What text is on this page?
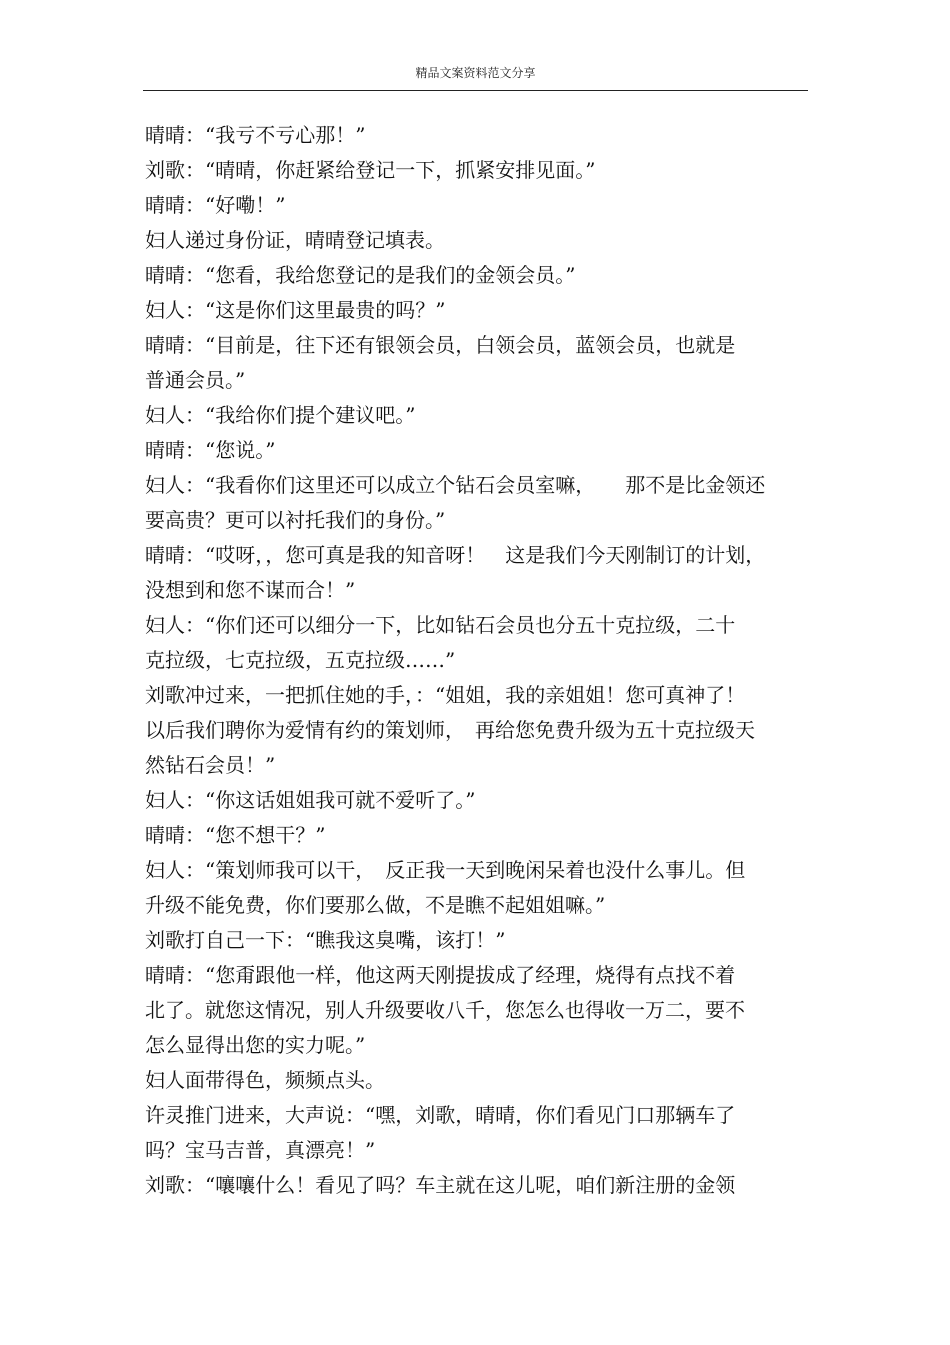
精品文案资料范文分享

晴晴：“我亏不亏心那！”

刘歌：“晴晴，你赶紧给登记一下，抓紧安排见面。”

晴晴：“好嘞！”

妇人递过身份证，晴晴登记填表。

晴晴：“您看，我给您登记的是我们的金领会员。”

妇人：“这是你们这里最贵的吗？”

晴晴：“目前是，往下还有银领会员，白领会员，蓝领会员，也就是

普通会员。”

妇人：“我给你们提个建议吧。”

晴晴：“您说。”

妇人：“我看你们这里还可以成立个钻石会员室嘛，　　那不是比金领还

要高贵？更可以衬托我们的身份。”

晴晴：“哎呀，，您可真是我的知音呀！　这是我们今天刚制订的计划，

没想到和您不谋而合！”

妇人：“你们还可以细分一下，比如钻石会员也分五十克拉级，二十

克拉级，七克拉级，五克拉级……”

刘歌冲过来，一把抓住她的手，：“姐姐，我的亲姐姐！您可真神了！

以后我们聘你为爱情有约的策划师，　再给您免费升级为五十克拉级天

然钻石会员！”

妇人：“你这话姐姐我可就不爱听了。”

晴晴：“您不想干？”

妇人：“策划师我可以干，　反正我一天到晚闲呆着也没什么事儿。但

升级不能免费，你们要那么做，不是瞧不起姐姐嘛。”

刘歌打自己一下：“瞧我这臭嘴，该打！”

晴晴：“您甭跟他一样，他这两天刚提拔成了经理，烧得有点找不着

北了。就您这情况，别人升级要收八千，您怎么也得收一万二，要不

怎么显得出您的实力呢。”

妇人面带得色，频频点头。

许灵推门进来，大声说：“嘿，刘歌，晴晴，你们看见门口那辆车了

吗？宝马吉普，真漂亮！”

刘歌：“嚷嚷什么！看见了吗？车主就在这儿呢，咱们新注册的金领
